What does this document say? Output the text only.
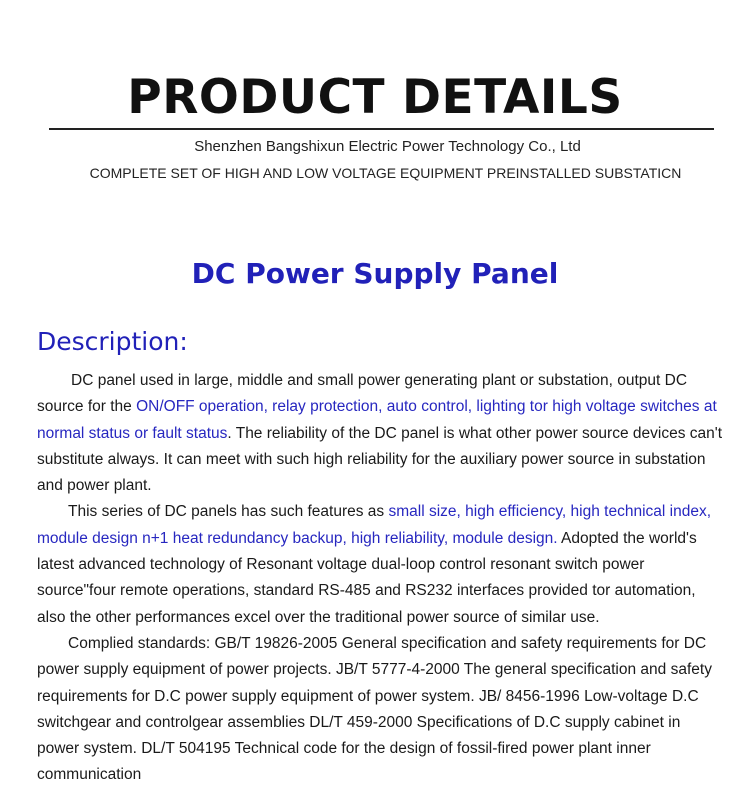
PRODUCT DETAILS
Shenzhen Bangshixun Electric Power Technology Co., Ltd
COMPLETE SET OF HIGH AND LOW VOLTAGE EQUIPMENT PREINSTALLED SUBSTATICN
DC Power Supply Panel
Description:

DC panel used in large, middle and small power generating plant or substation, output DC source for the ON/OFF operation, relay protection, auto control, lighting tor high voltage switches at normal status or fault status. The reliability of the DC panel is what other power source devices can't substitute always. It can meet with such high reliability for the auxiliary power source in substation and power plant.

This series of DC panels has such features as small size, high efficiency, high technical index, module design n+1 heat redundancy backup, high reliability, module design. Adopted the world's latest advanced technology of Resonant voltage dual-loop control resonant switch power source"four remote operations, standard RS-485 and RS232 interfaces provided tor automation, also the other performances excel over the traditional power source of similar use.

Complied standards: GB/T 19826-2005 General specification and safety requirements for DC power supply equipment of power projects. JB/T 5777-4-2000 The general specification and safety requirements for D.C power supply equipment of power system. JB/ 8456-1996 Low-voltage D.C switchgear and controlgear assemblies DL/T 459-2000 Specifications of D.C supply cabinet in power system. DL/T 504195 Technical code for the design of fossil-fired power plant inner communication
